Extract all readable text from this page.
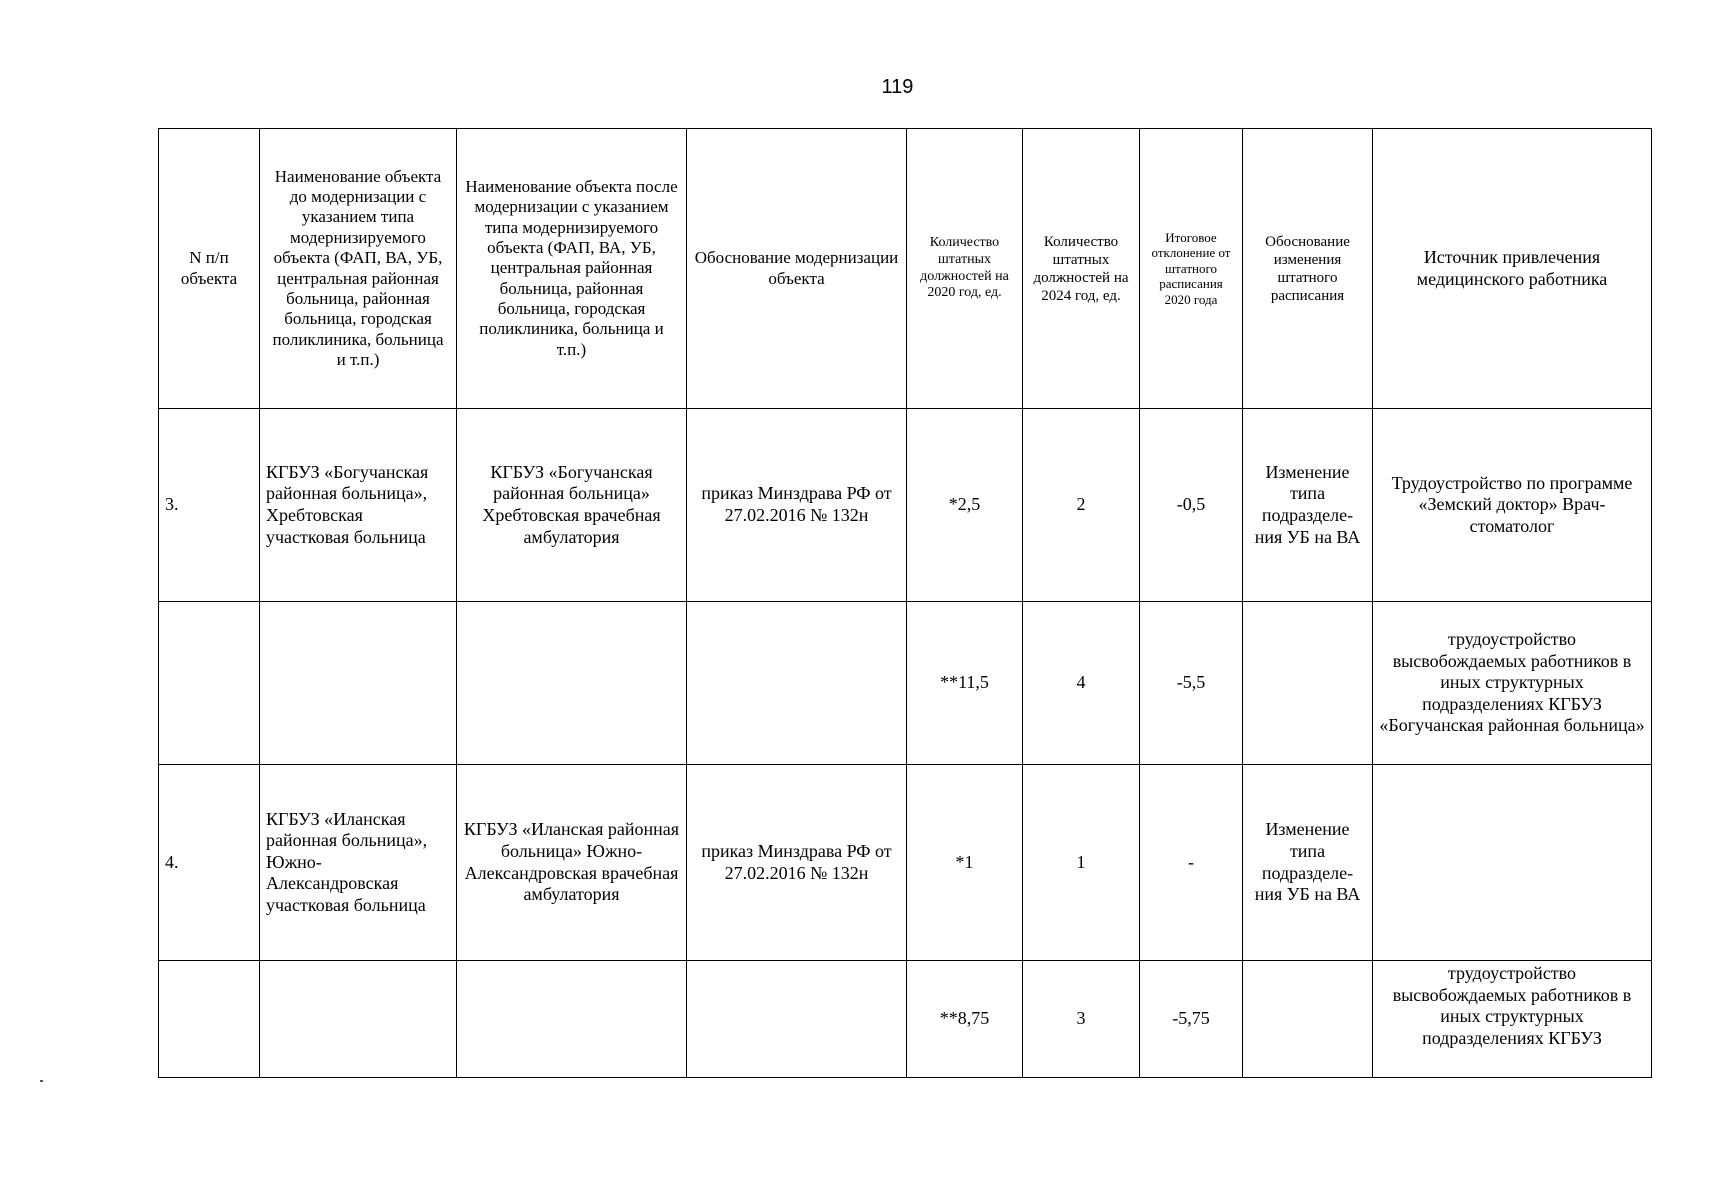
119
N п/п объекта	Наименование объекта до модернизации с указанием типа модернизируемого объекта (ФАП, ВА, УБ, центральная районная больница, районная больница, городская поликлиника, больница и т.п.)	Наименование объекта после модернизации с указанием типа модернизируемого объекта (ФАП, ВА, УБ, центральная районная больница, районная больница, городская поликлиника, больница и т.п.)	Обоснование модернизации объекта	Количество штатных должностей на 2020 год, ед.	Количество штатных должностей на 2024 год, ед.	Итоговое отклонение от штатного расписания 2020 года	Обоснование изменения штатного расписания	Источник привлечения медицинского работника
3.	КГБУЗ «Богучанская районная больница», Хребтовская участковая больница	КГБУЗ «Богучанская районная больница» Хребтовская врачебная амбулатория	приказ Минздрава РФ от 27.02.2016 № 132н	*2,5	2	-0,5	Изменение типа подразделе-ния УБ на ВА	Трудоустройство по программе «Земский доктор» Врач-стоматолог
				**11,5	4	-5,5		трудоустройство высвобождаемых работников в иных структурных подразделениях КГБУЗ «Богучанская районная больница»
4.	КГБУЗ «Иланская районная больница», Южно-Александровская участковая больница	КГБУЗ «Иланская районная больница» Южно-Александровская врачебная амбулатория	приказ Минздрава РФ от 27.02.2016 № 132н	*1	1	-	Изменение типа подразделе-ния УБ на ВА	
				**8,75	3	-5,75		трудоустройство высвобождаемых работников в иных структурных подразделениях КГБУЗ
